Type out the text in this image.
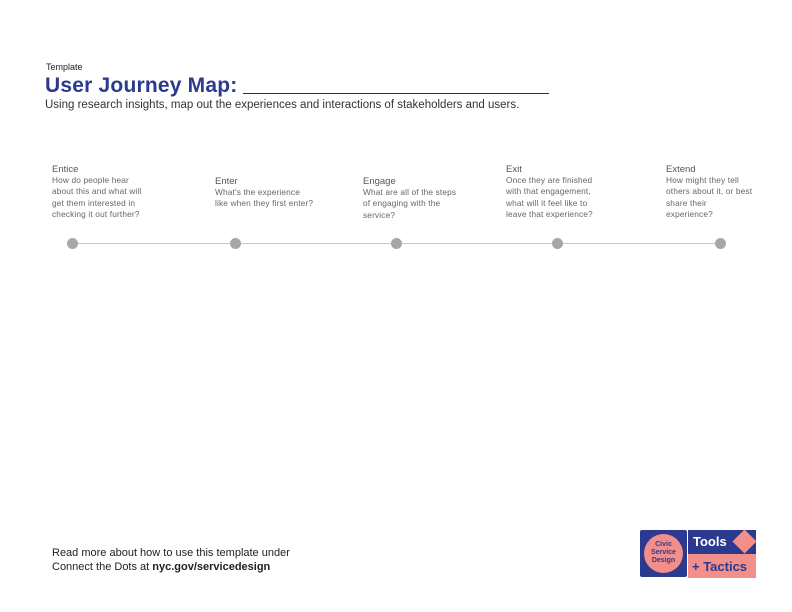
Template
User Journey Map:
Using research insights, map out the experiences and interactions of stakeholders and users.
Entice
How do people hear about this and what will get them interested in checking it out further?
Enter
What's the experience like when they first enter?
Engage
What are all of the steps of engaging with the service?
Exit
Once they are finished with that engagement, what will it feel like to leave that experience?
Extend
How might they tell others about it, or best share their experience?
Read more about how to use this template under
Connect the Dots at nyc.gov/servicedesign
Civic
Service
Design
Tools
+ Tactics
